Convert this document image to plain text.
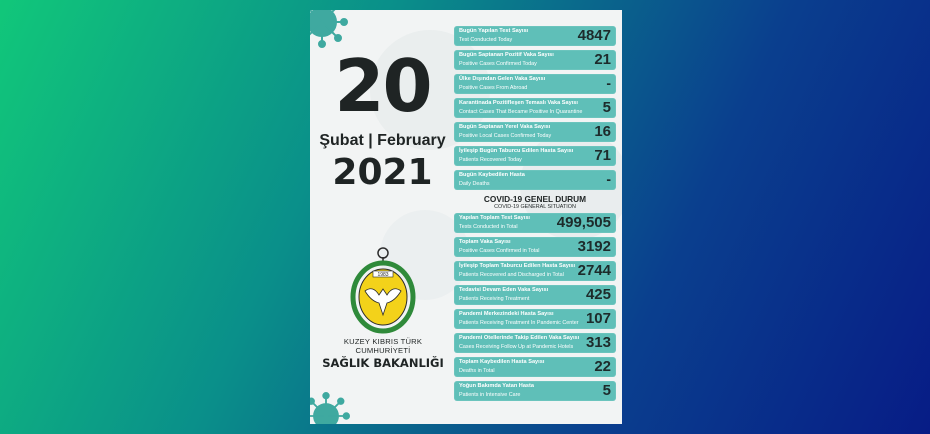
20
Şubat | February
2021
1983
KUZEY KIBRIS TÜRK CUMHURİYETİ
SAĞLIK BAKANLIĞI
Bugün Yapılan Test Sayısı
Test Conducted Today	4847
Bugün Saptanan Pozitif Vaka Sayısı
Positive Cases Confirmed Today	21
Ülke Dışından Gelen Vaka Sayısı
Positive Cases From Abroad	-
Karantinada Pozitifleşen Temaslı Vaka Sayısı
Contact Cases That Became Positive In Quarantine 5
Bugün Saptanan Yerel Vaka Sayısı
Positive Local Cases Confirmed Today	16
İyileşip Bugün Taburcu Edilen Hasta Sayısı
Patients Recovered Today	71
Bugün Kaybedilen Hasta
Daily Deaths	-
COVID-19 GENEL DURUM
COVID-19 GENERAL SITUATION
Yapılan Toplam Test Sayısı
Tests Conducted in Total	499,505
Toplam Vaka Sayısı
Positive Cases Confirmed in Total	3192
İyileşip Toplam Taburcu Edilen Hasta Sayısı
Patients Recovered and Discharged in Total 2744
Tedavisi Devam Eden Vaka Sayısı
Patients Receiving Treatment	425
Pandemi Merkezindeki Hasta Sayısı
Patients Receiving Treatment In Pandemic Center 107
Pandemi Otellerinde Takip Edilen Vaka Sayısı
Cases Receiving Follow Up at Pandemic Hotels 313
Toplam Kaybedilen Hasta Sayısı
Deaths in Total	22
Yoğun Bakımda Yatan Hasta
Patients in Intensive Care	5
